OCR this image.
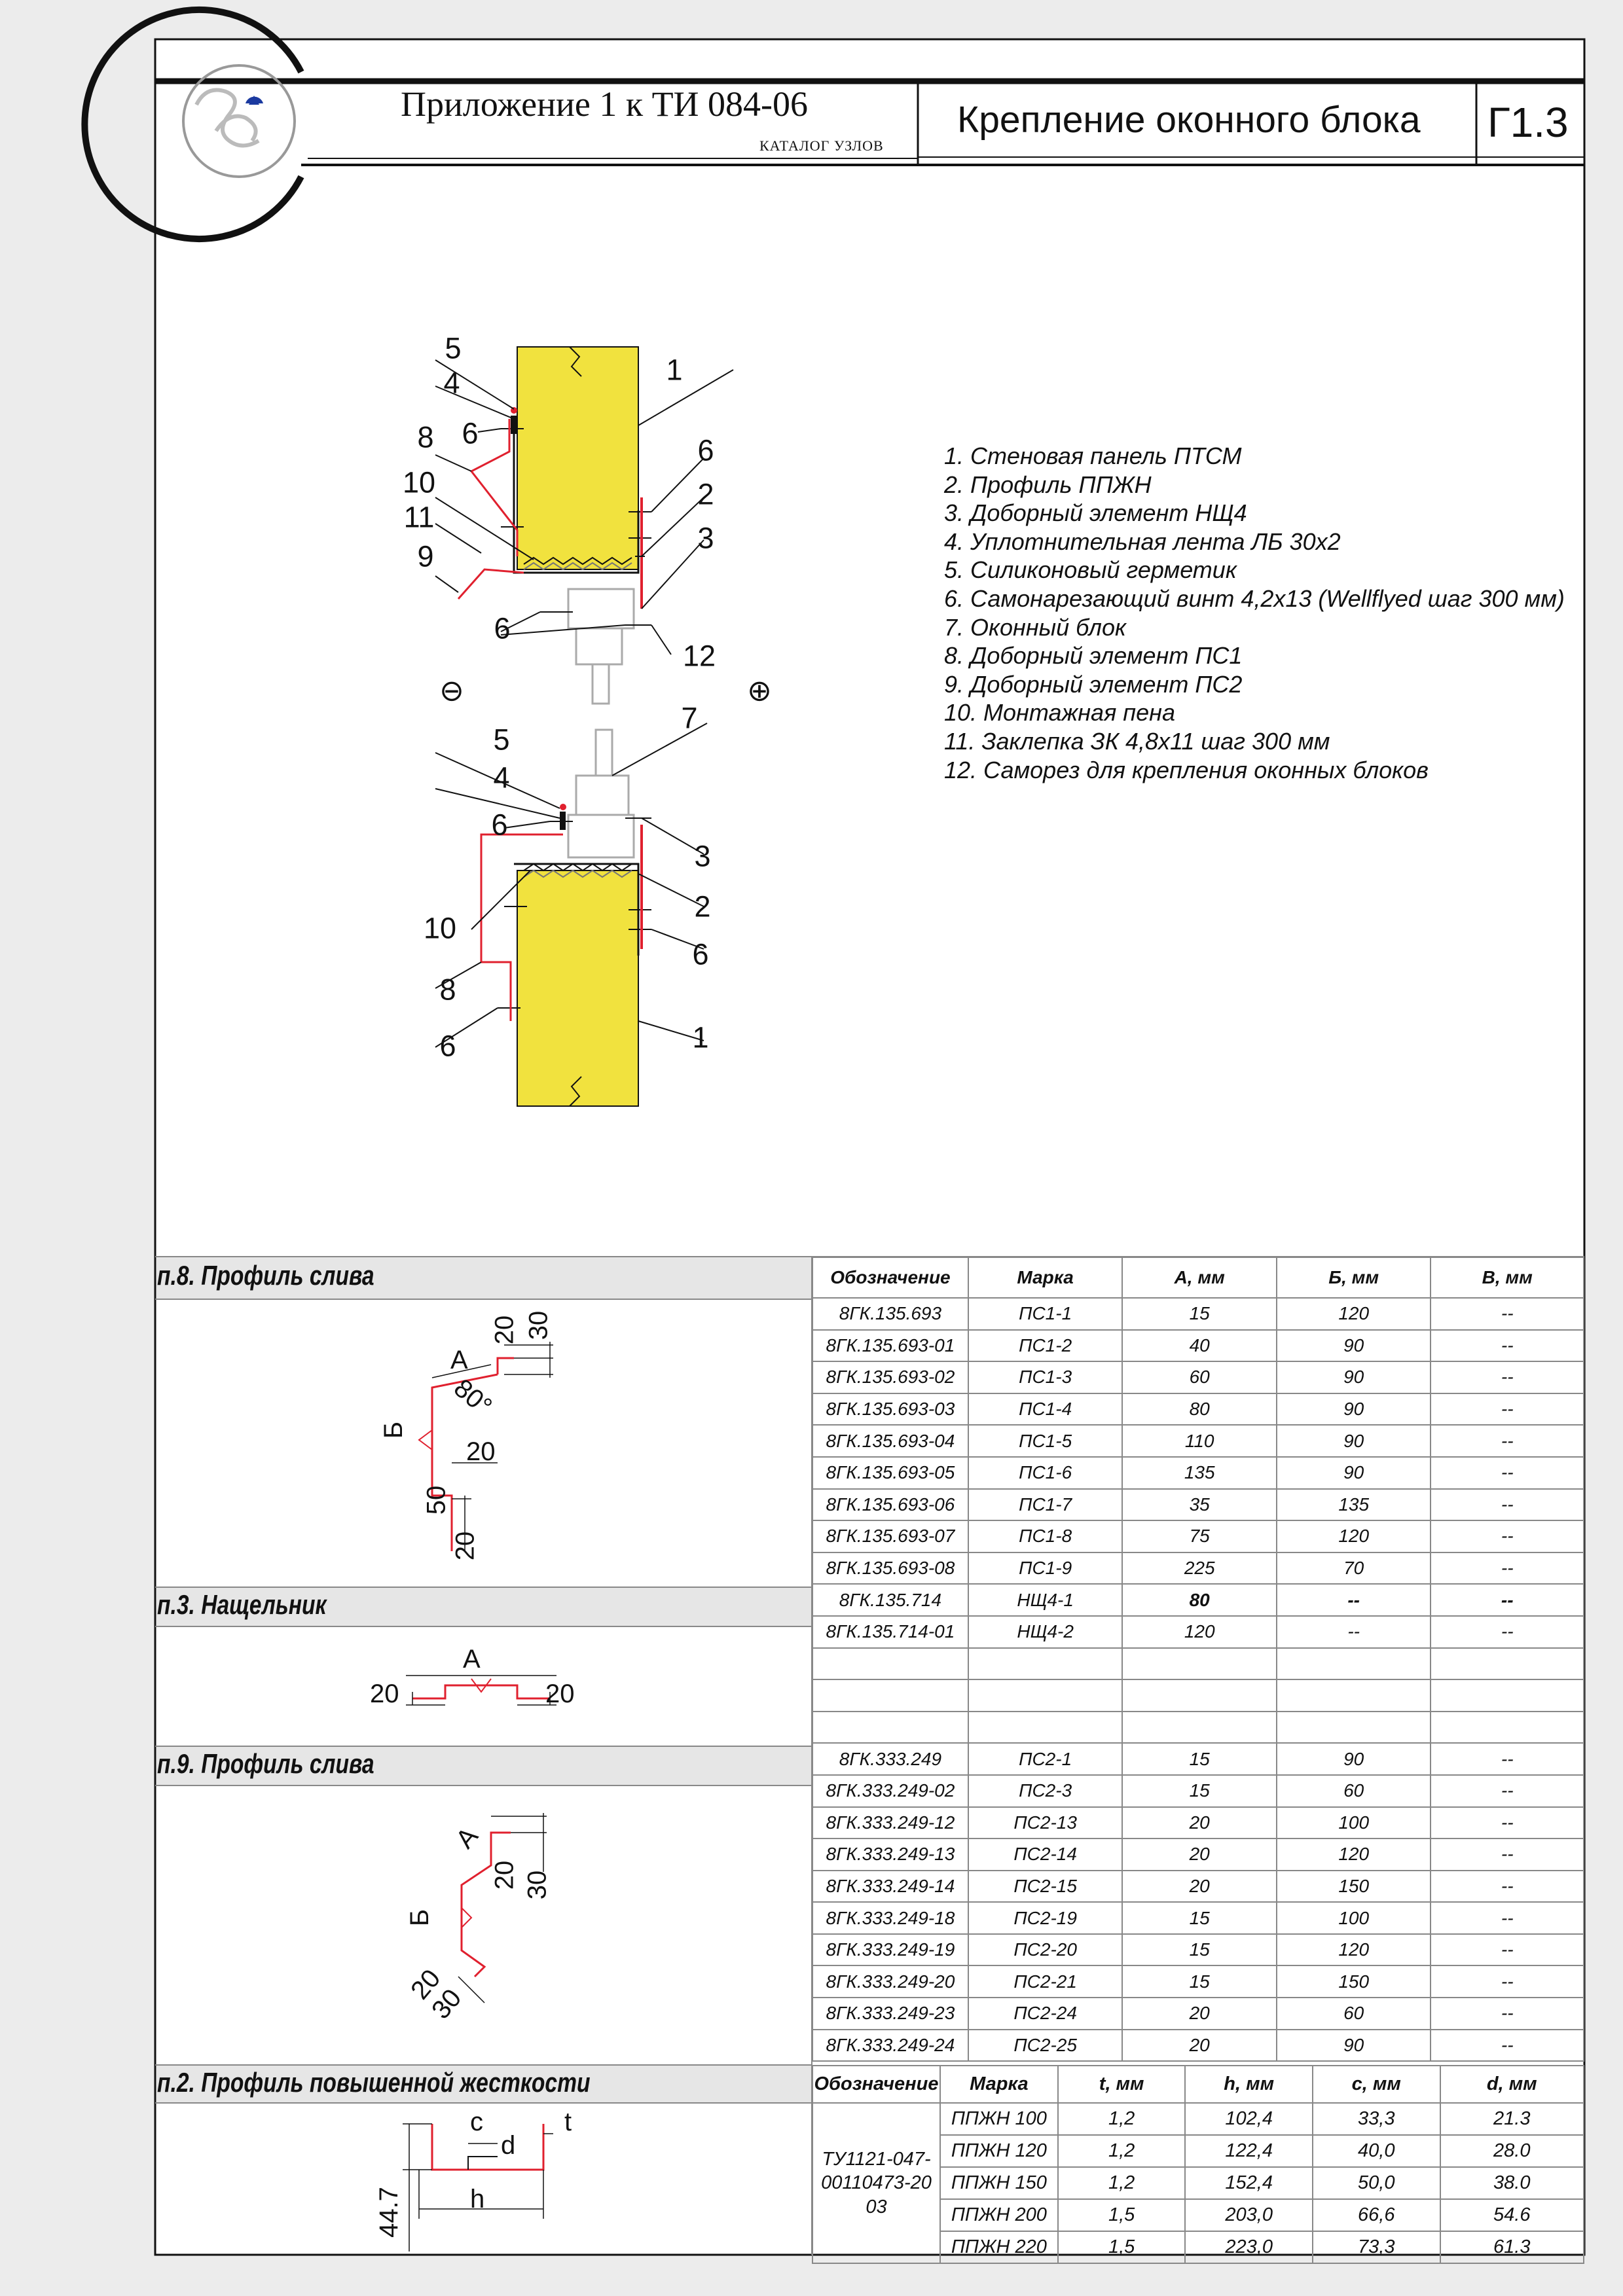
Приложение 1 к ТИ 084-06
КАТАЛОГ УЗЛОВ
Крепление оконного блока Г1.3
1. Стеновая панель ПТСМ
2. Профиль ППЖН
3. Доборный элемент НЩ4
4. Уплотнительная лента ЛБ 30х2
5. Силиконовый герметик
6. Самонарезающий винт 4,2х13 (Wellflyed шаг 300 мм)
7. Оконный блок
8. Доборный элемент ПС1
9. Доборный элемент ПС2
10. Монтажная пена
11. Заклепка ЗК 4,8х11 шаг 300 мм
12. Саморез для крепления оконных блоков
5
4
6
8
10
11
9
6
1
6
2
3
12
⊖	⊕
5
4
6
7
3
2
6
10
8
6	1
п.8. Профиль слива
п.3. Нащельник
п.9. Профиль слива
п.2. Профиль повышенной жесткости
20 30
А
80°
Б
20
50
20
А
20	20
А
20 30
Б
20
30
c
d
t
h
44.7
Обозначение	Марка	А, мм	Б, мм	В, мм
8ГК.135.693	ПС1-1	15	120	--
8ГК.135.693-01	ПС1-2	40	90	--
8ГК.135.693-02	ПС1-3	60	90	--
8ГК.135.693-03	ПС1-4	80	90	--
8ГК.135.693-04	ПС1-5	110	90	--
8ГК.135.693-05	ПС1-6	135	90	--
8ГК.135.693-06	ПС1-7	35	135	--
8ГК.135.693-07	ПС1-8	75	120	--
8ГК.135.693-08	ПС1-9	225	70	--
8ГК.135.714	НЩ4-1	80	--	--
8ГК.135.714-01	НЩ4-2	120	--	--

8ГК.333.249	ПС2-1	15	90	--
8ГК.333.249-02	ПС2-3	15	60	--
8ГК.333.249-12	ПС2-13	20	100	--
8ГК.333.249-13	ПС2-14	20	120	--
8ГК.333.249-14	ПС2-15	20	150	--
8ГК.333.249-18	ПС2-19	15	100	--
8ГК.333.249-19	ПС2-20	15	120	--
8ГК.333.249-20	ПС2-21	15	150	--
8ГК.333.249-23	ПС2-24	20	60	--
8ГК.333.249-24	ПС2-25	20	90	--
Обозначение	Марка	t, мм	h, мм	c, мм	d, мм
ТУ1121-047-
00110473-20
03	ППЖН 100	1,2	102,4	33,3	21.3
	ППЖН 120	1,2	122,4	40,0	28.0
	ППЖН 150	1,2	152,4	50,0	38.0
	ППЖН 200	1,5	203,0	66,6	54.6
	ППЖН 220	1,5	223,0	73,3	61.3
